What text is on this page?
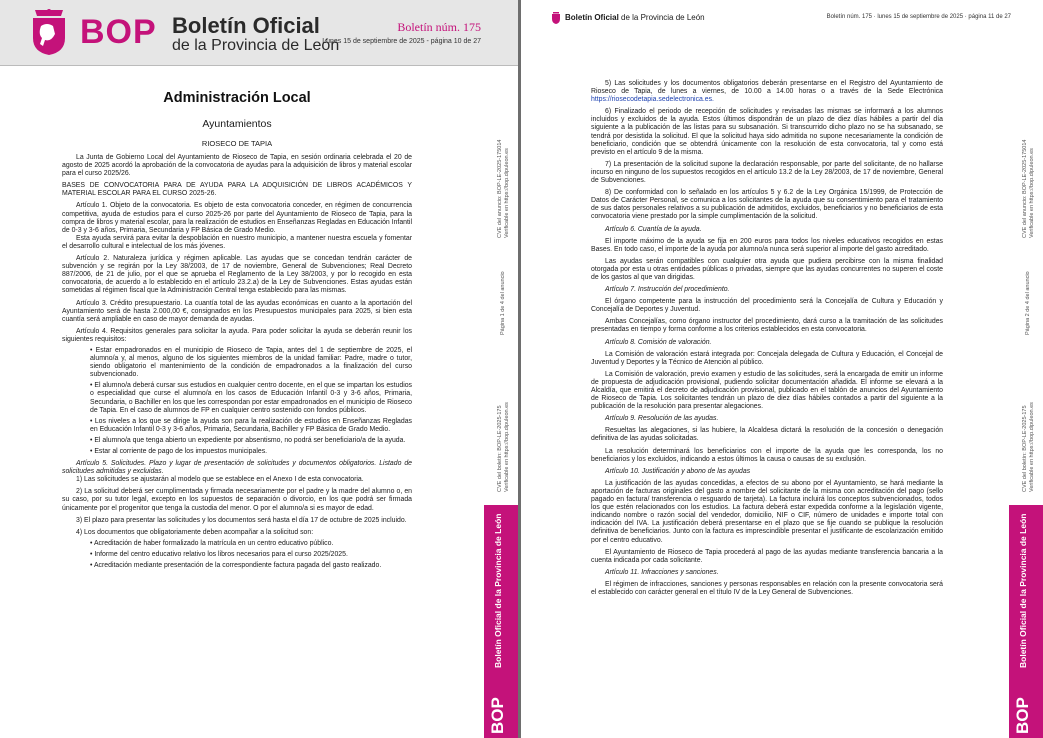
BOP Boletín Oficial
de la Provincia de León
Boletín núm. 175
Lunes 15 de septiembre de 2025 - página 10 de 27
Administración Local
Ayuntamientos
RIOSECO DE TAPIA

La Junta de Gobierno Local del Ayuntamiento de Rioseco de Tapia, en sesión ordinaria celebrada el 20 de agosto de 2025 acordó la aprobación de la convocatoria de ayudas para la adquisición de libros y material escolar para el curso 2025/26.

BASES DE CONVOCATORIA PARA DE AYUDA PARA LA ADQUISICIÓN DE LIBROS ACADÉMICOS Y MATERIAL ESCOLAR PARA EL CURSO 2025-26.

Artículo 1. Objeto de la convocatoria. Es objeto de esta convocatoria conceder, en régimen de concurrencia competitiva, ayuda de estudios para el curso 2025-26 por parte del Ayuntamiento de Rioseco de Tapia, para la compra de libros y material escolar, para la realización de estudios en Enseñanzas Regladas en Educación Infantil de 0-3 y 3-6 años, Primaria, Secundaria y FP Básica de Grado Medio.

Esta ayuda servirá para evitar la despoblación en nuestro municipio, a mantener nuestra escuela y fomentar el desarrollo cultural e intelectual de los más jóvenes.

Artículo 2. Naturaleza jurídica y régimen aplicable. Las ayudas que se concedan tendrán carácter de subvención y se regirán por la Ley 38/2003, de 17 de noviembre, General de Subvenciones; Real Decreto 887/2006, de 21 de julio, por el que se aprueba el Reglamento de la Ley 38/2003, y por lo recogido en esta convocatoria, de acuerdo a lo establecido en el artículo 23.2.a) de la Ley de Subvenciones. Estas ayudas están sometidas al régimen fiscal que la Administración Central tenga establecido para las mismas.

Artículo 3. Crédito presupuestario. La cuantía total de las ayudas económicas en cuanto a la aportación del Ayuntamiento será de hasta 2.000,00 €, consignados en los Presupuestos municipales para 2025, si bien esta cuantía será ampliable en caso de mayor demanda de ayudas.

Artículo 4. Requisitos generales para solicitar la ayuda. Para poder solicitar la ayuda se deberán reunir los siguientes requisitos:

• Estar empadronados en el municipio de Rioseco de Tapia, antes del 1 de septiembre de 2025, el alumno/a y, al menos, alguno de los siguientes miembros de la unidad familiar: Padre, madre o tutor, siendo obligatorio el mantenimiento de la condición de empadronados a la finalización del curso subvencionado.
• El alumno/a deberá cursar sus estudios en cualquier centro docente, en el que se impartan los estudios o especialidad que curse el alumno/a en los casos de Educación Infantil 0-3 y 3-6 años, Primaria, Secundaria, o Bachiller en los que les correspondan por estar empadronados en el municipio de Rioseco de Tapia. En el caso de alumnos de FP en cualquier centro sostenido con fondos públicos.
• Los niveles a los que se dirige la ayuda son para la realización de estudios en Enseñanzas Regladas en Educación Infantil 0-3 y 3-6 años, Primaria, Secundaria, Bachiller y FP Básica de Grado Medio.
• El alumno/a que tenga abierto un expediente por absentismo, no podrá ser beneficiario/a de la ayuda.
• Estar al corriente de pago de los impuestos municipales.

Artículo 5. Solicitudes. Plazo y lugar de presentación de solicitudes y documentos obligatorios. Listado de solicitudes admitidas y excluidas.

1) Las solicitudes se ajustarán al modelo que se establece en el Anexo I de esta convocatoria.

2) La solicitud deberá ser cumplimentada y firmada necesariamente por el padre y la madre del alumno o, en su caso, por su tutor legal, excepto en los supuestos de separación o divorcio, en los que podrá ser firmada únicamente por el progenitor que tenga la custodia del menor. O por el alumno/a si es mayor de edad.

3) El plazo para presentar las solicitudes y los documentos será hasta el día 17 de octubre de 2025 incluido.

4) Los documentos que obligatoriamente deben acompañar a la solicitud son:

• Acreditación de haber formalizado la matrícula en un centro educativo público.
• Informe del centro educativo relativo los libros necesarios para el curso 2025/2025.
• Acreditación mediante presentación de la correspondiente factura pagada del gasto realizado.
CVE del anuncio: BOP-LE-2025-175014 Verificable en https://bop.dipuleon.es
Página 1 de 4 del anuncio
CVE del boletín: BOP-LE-2025-175 Verificable en https://bop.dipuleon.es
Boletín Oficial de la Provincia de León
BOP
Boletín Oficial de la Provincia de León	Boletín núm. 175 · lunes 15 de septiembre de 2025 · página 11 de 27

5) Las solicitudes y los documentos obligatorios deberán presentarse en el Registro del Ayuntamiento de Rioseco de Tapia, de lunes a viernes, de 10.00 a 14.00 horas o a través de la Sede Electrónica https://riosecodetapia.sedelectronica.es.

6) Finalizado el periodo de recepción de solicitudes y revisadas las mismas se informará a los alumnos incluidos y excluidos de la ayuda. Estos últimos dispondrán de un plazo de diez días hábiles a partir del día siguiente a la publicación de las listas para su subsanación. Si transcurrido dicho plazo no se ha subsanado, se tendrá por desistida la solicitud. El que la solicitud haya sido admitida no supone necesariamente la condición de beneficiario, condición que se obtendrá únicamente con la resolución de esta convocatoria, tal y como está previsto en el artículo 9 de la misma.

7) La presentación de la solicitud supone la declaración responsable, por parte del solicitante, de no hallarse incurso en ninguno de los supuestos recogidos en el artículo 13.2 de la Ley 28/2003, de 17 de noviembre, General de Subvenciones.

8) De conformidad con lo señalado en los artículos 5 y 6.2 de la Ley Orgánica 15/1999, de Protección de Datos de Carácter Personal, se comunica a los solicitantes de la ayuda que su consentimiento para el tratamiento de sus datos personales relativos a su publicación de admitidos, excluidos, beneficiarios y no beneficiarios de esta convocatoria viene prestado por la simple cumplimentación de la solicitud.

Artículo 6. Cuantía de la ayuda.

El importe máximo de la ayuda se fija en 200 euros para todos los niveles educativos recogidos en estas Bases. En todo caso, el importe de la ayuda por alumno/a nunca será superior al importe del gasto acreditado.

Las ayudas serán compatibles con cualquier otra ayuda que pudiera percibirse con la misma finalidad otorgada por esta u otras entidades públicas o privadas, siempre que las ayudas concurrentes no superen el coste de los gastos al que van dirigidas.

Artículo 7. Instrucción del procedimiento.

El órgano competente para la instrucción del procedimiento será la Concejalía de Cultura y Educación y Concejalía de Deportes y Juventud.

Ambas Concejalías, como órgano instructor del procedimiento, dará curso a la tramitación de las solicitudes presentadas en tiempo y forma conforme a los criterios establecidos en esta convocatoria.

Artículo 8. Comisión de valoración.

La Comisión de valoración estará integrada por: Concejala delegada de Cultura y Educación, el Concejal de Juventud y Deportes y la Técnico de Atención al público.

La Comisión de valoración, previo examen y estudio de las solicitudes, será la encargada de emitir un informe de propuesta de adjudicación provisional, pudiendo solicitar documentación añadida. El informe se elevará a la Alcaldía, que emitirá el decreto de adjudicación provisional, publicado en el tablón de anuncios del Ayuntamiento de Rioseco de Tapia. Los solicitantes tendrán un plazo de diez días hábiles contados a partir del siguiente a la publicación de la resolución para presentar alegaciones.

Artículo 9. Resolución de las ayudas.

Resueltas las alegaciones, si las hubiere, la Alcaldesa dictará la resolución de la concesión o denegación definitiva de las ayudas solicitadas.

La resolución determinará los beneficiarios con el importe de la ayuda que les corresponda, los no beneficiarios y los excluidos, indicando a estos últimos la causa o causas de su exclusión.

Artículo 10. Justificación y abono de las ayudas

La justificación de las ayudas concedidas, a efectos de su abono por el Ayuntamiento, se hará mediante la aportación de facturas originales del gasto a nombre del solicitante de la misma con acreditación del pago (sello pagado en factura/ transferencia o resguardo de tarjeta). La factura incluirá los conceptos subvencionados, todos los que estén relacionados con los estudios. La factura deberá estar expedida conforme a la legislación vigente, indicando nombre o razón social del vendedor, domicilio, NIF o CIF, número de unidades e importe total con indicación del IVA. La justificación deberá presentarse en el plazo que se fije cuando se publique la resolución definitiva de beneficiarios. Junto con la factura es imprescindible presentar el justificante de escolarización emitido por el centro educativo.

El Ayuntamiento de Rioseco de Tapia procederá al pago de las ayudas mediante transferencia bancaria a la cuenta indicada por cada solicitante.

Artículo 11. Infracciones y sanciones.

El régimen de infracciones, sanciones y personas responsables en relación con la presente convocatoria será el establecido con carácter general en el título IV de la Ley General de Subvenciones.

CVE del anuncio: BOP-LE-2025-175014 Verificable en https://bop.dipuleon.es
Página 2 de 4 del anuncio
CVE del boletín: BOP-LE-2025-175 Verificable en https://bop.dipuleon.es
Boletín Oficial de la Provincia de León
BOP
